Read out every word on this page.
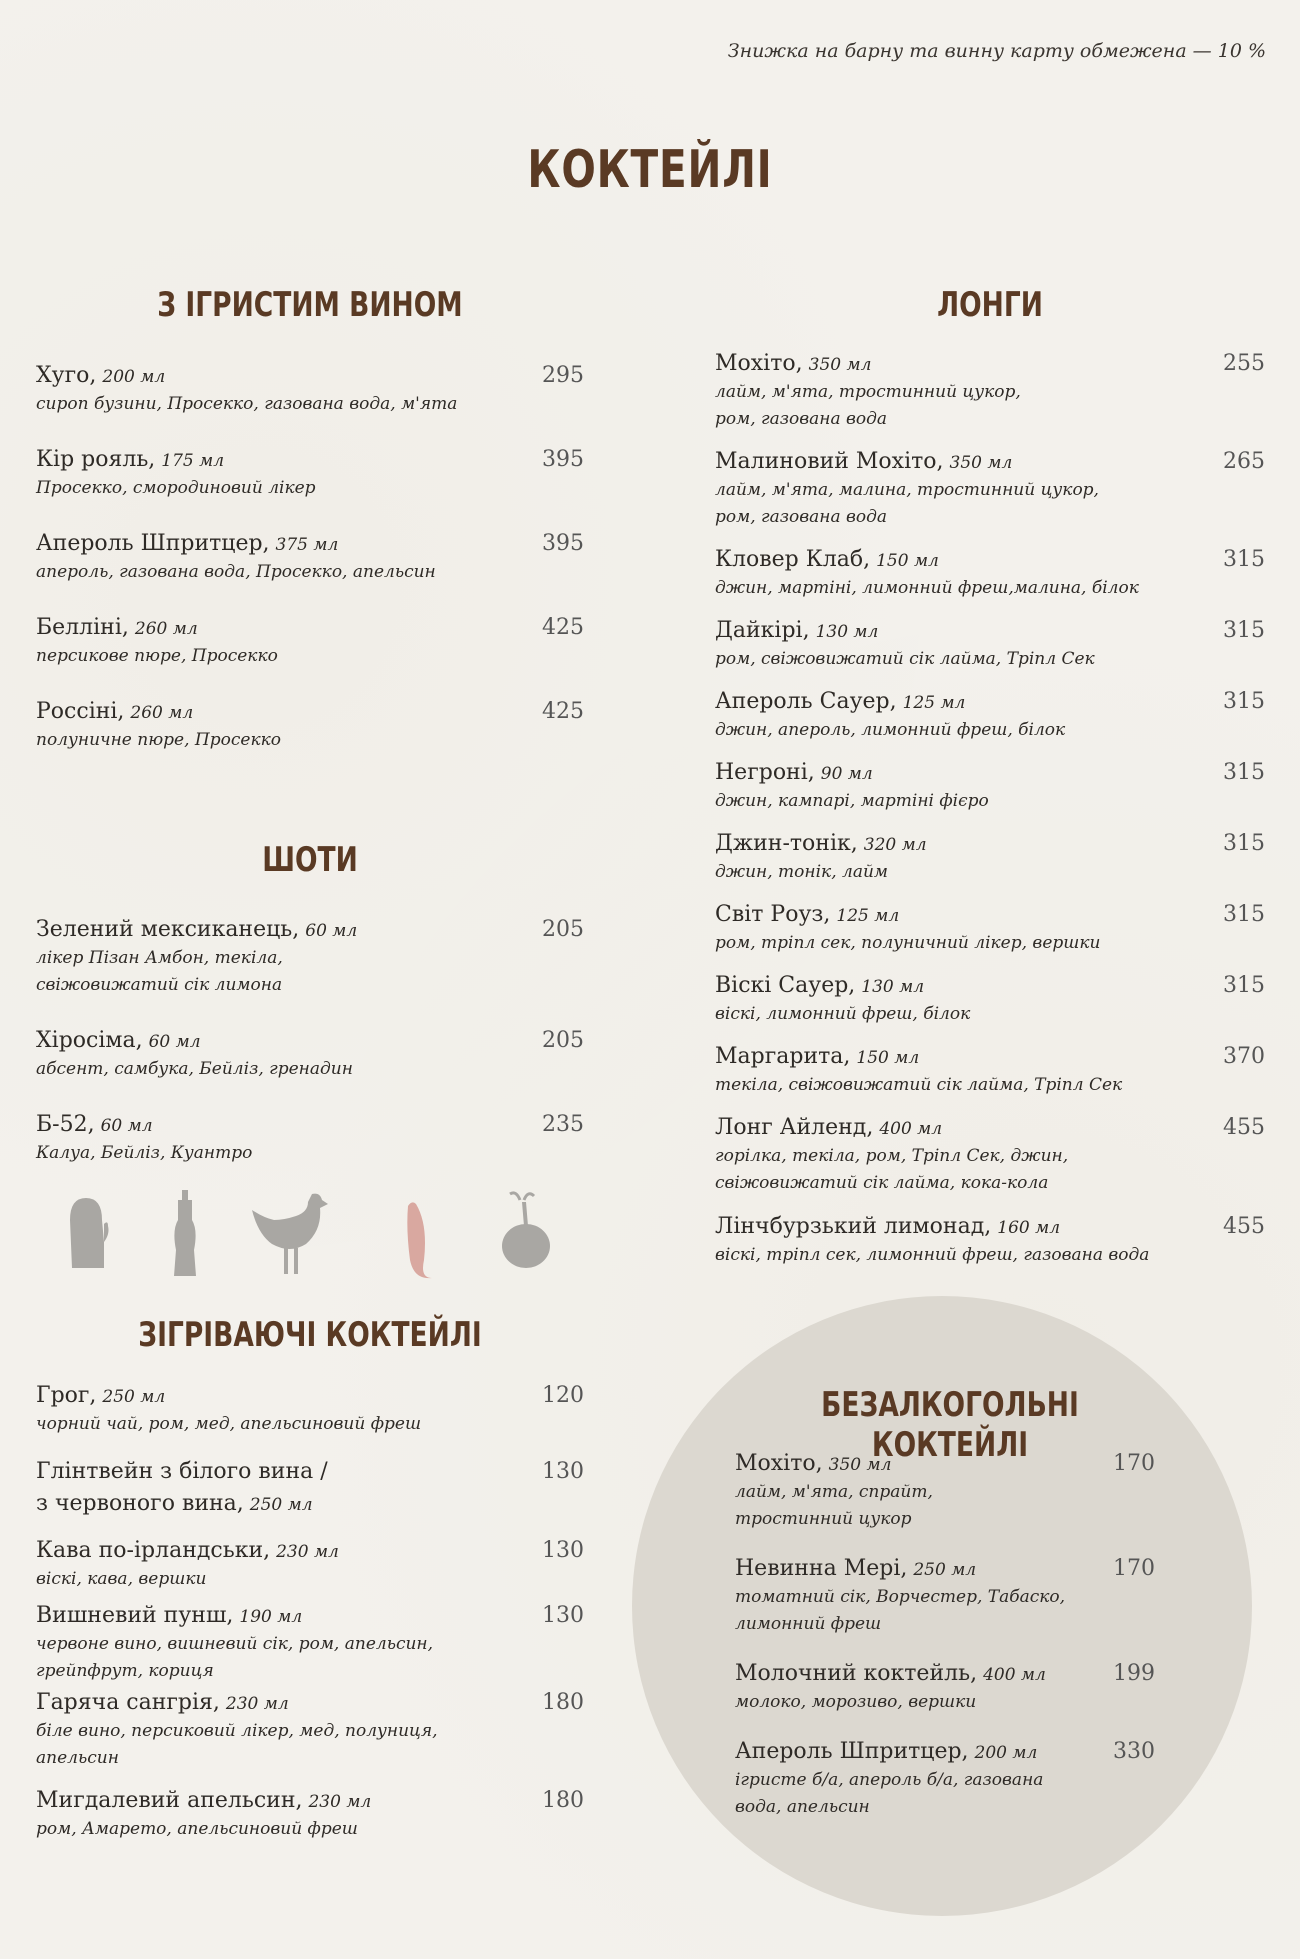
Знижка на барну та винну карту обмежена — 10 %
КОКТЕЙЛІ
З ІГРИСТИМ ВИНОМ
ШОТИ
ЗІГРІВАЮЧІ КОКТЕЙЛІ
ЛОНГИ
БЕЗАЛКОГОЛЬНІ КОКТЕЙЛІ
Хуго, 200 мл
сироп бузини, Просекко, газована вода, м'ята
295
Кір рояль, 175 мл
Просекко, смородиновий лікер
395
Апероль Шпритцер, 375 мл
апероль, газована вода, Просекко, апельсин
395
Белліні, 260 мл
персикове пюре, Просекко
425
Россіні, 260 мл
полуничне пюре, Просекко
425
Зелений мексиканець, 60 мл
лікер Пізан Амбон, текіла,
свіжовижатий сік лимона
205
Хіросіма, 60 мл
абсент, самбука, Бейліз, гренадин
205
Б-52, 60 мл
Калуа, Бейліз, Куантро
235
Грог, 250 мл
чорний чай, ром, мед, апельсиновий фреш
120
Глінтвейн з білого вина /	130
з червоного вина, 250 мл
Кава по-ірландськи, 230 мл
віскі, кава, вершки
130
Вишневий пунш, 190 мл
червоне вино, вишневий сік, ром, апельсин,
грейпфрут, кориця
130
Гаряча сангрія, 230 мл
біле вино, персиковий лікер, мед, полуниця,
апельсин
180
Мигдалевий апельсин, 230 мл
ром, Амарето, апельсиновий фреш
180
Мохіто, 350 мл
лайм, м'ята, тростинний цукор,
ром, газована вода
255
Малиновий Мохіто, 350 мл
лайм, м'ята, малина, тростинний цукор,
ром, газована вода
265
Кловер Клаб, 150 мл
джин, мартіні, лимонний фреш,малина, білок
315
Дайкірі, 130 мл
ром, свіжовижатий сік лайма, Тріпл Сек
315
Апероль Сауер, 125 мл
джин, апероль, лимонний фреш, білок
315
Негроні, 90 мл
джин, кампарі, мартіні фієро
315
Джин-тонік, 320 мл
джин, тонік, лайм
315
Світ Роуз, 125 мл
ром, тріпл сек, полуничний лікер, вершки
315
Віскі Сауер, 130 мл
віскі, лимонний фреш, білок
315
Маргарита, 150 мл
текіла, свіжовижатий сік лайма, Тріпл Сек
370
Лонг Айленд, 400 мл
горілка, текіла, ром, Тріпл Сек, джин,
свіжовижатий сік лайма, кока-кола
455
Лінчбурзький лимонад, 160 мл
віскі, тріпл сек, лимонний фреш, газована вода
455
Мохіто, 350 мл
лайм, м'ята, спрайт,
тростинний цукор
170
Невинна Мері, 250 мл
томатний сік, Ворчестер, Табаско,
лимонний фреш
170
Молочний коктейль, 400 мл
молоко, морозиво, вершки
199
Апероль Шпритцер, 200 мл
ігристе б/а, апероль б/а, газована
вода, апельсин
330
